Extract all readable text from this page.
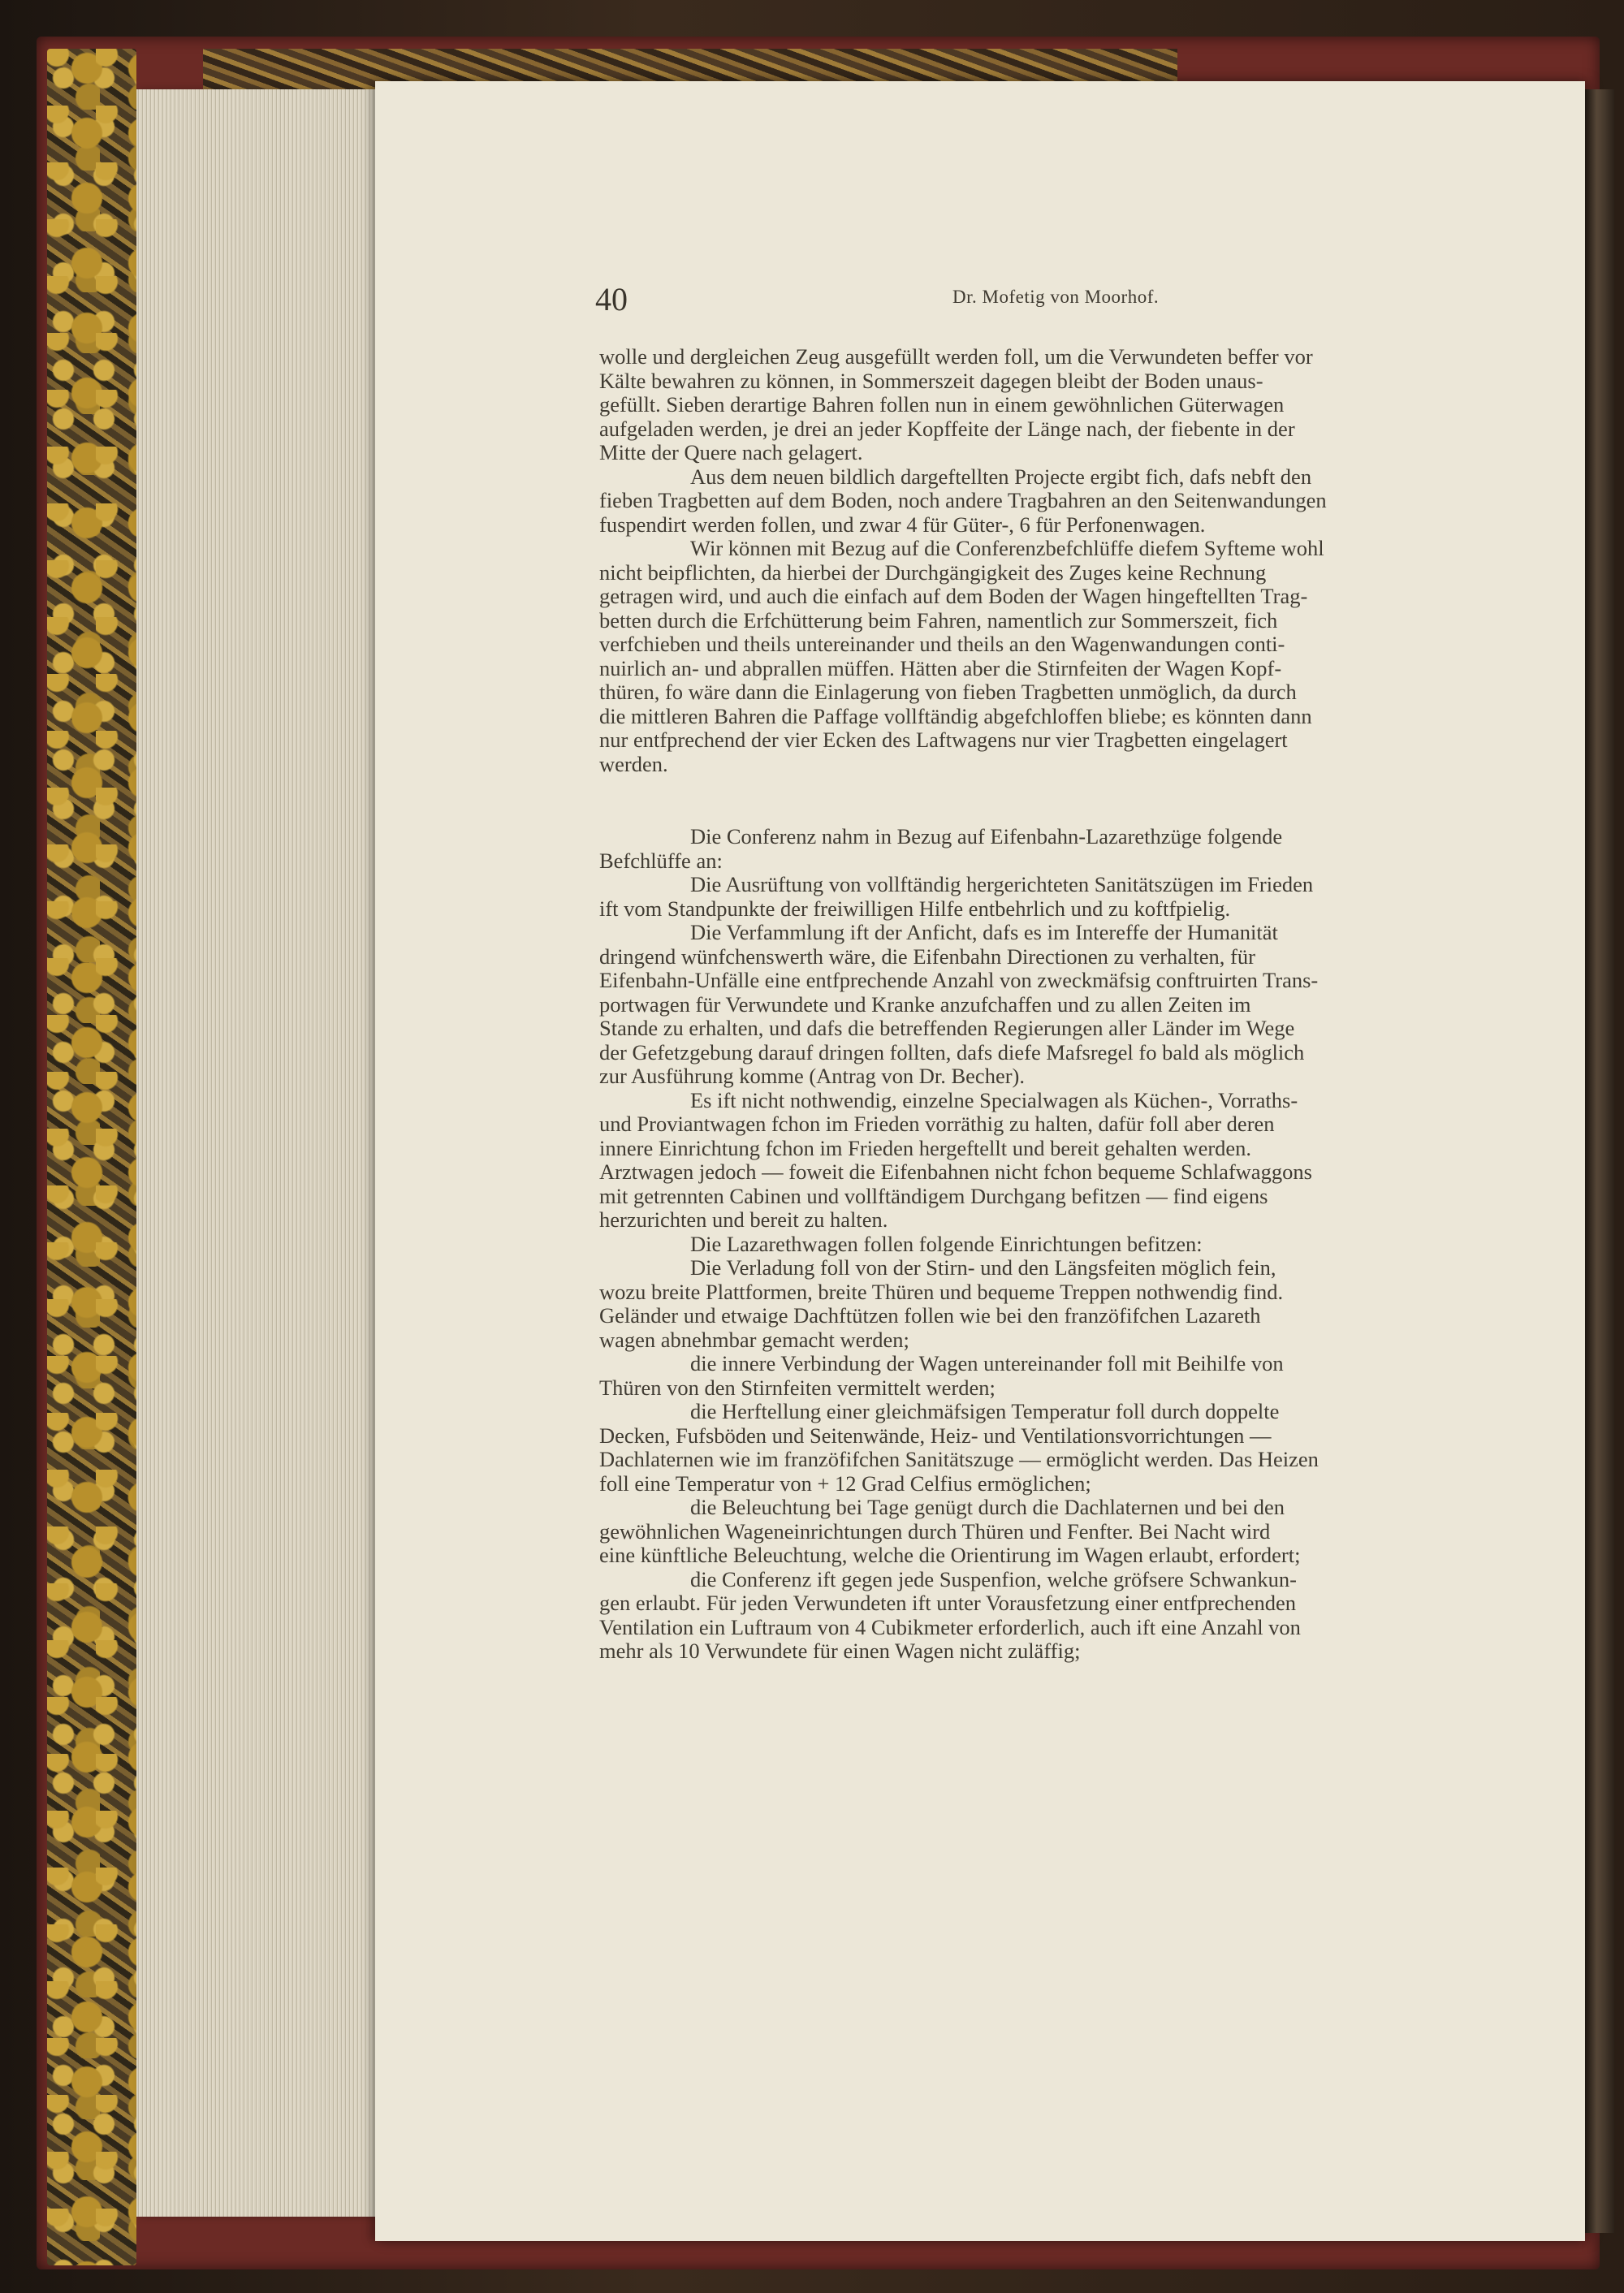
40	Dr. Mofetig von Moorhof.
wolle und dergleichen Zeug ausgefüllt werden foll, um die Verwundeten beffer vor
Kälte bewahren zu können, in Sommerszeit dagegen bleibt der Boden unaus-
gefüllt. Sieben derartige Bahren follen nun in einem gewöhnlichen Güterwagen
aufgeladen werden, je drei an jeder Kopffeite der Länge nach, der fiebente in der
Mitte der Quere nach gelagert.
Aus dem neuen bildlich dargeftellten Projecte ergibt fich, dafs nebft den
fieben Tragbetten auf dem Boden, noch andere Tragbahren an den Seitenwandungen
fuspendirt werden follen, und zwar 4 für Güter-, 6 für Perfonenwagen.
Wir können mit Bezug auf die Conferenzbefchlüffe diefem Syfteme wohl
nicht beipflichten, da hierbei der Durchgängigkeit des Zuges keine Rechnung
getragen wird, und auch die einfach auf dem Boden der Wagen hingeftellten Trag-
betten durch die Erfchütterung beim Fahren, namentlich zur Sommerszeit, fich
verfchieben und theils untereinander und theils an den Wagenwandungen conti-
nuirlich an- und abprallen müffen. Hätten aber die Stirnfeiten der Wagen Kopf-
thüren, fo wäre dann die Einlagerung von fieben Tragbetten unmöglich, da durch
die mittleren Bahren die Paffage vollftändig abgefchloffen bliebe; es könnten dann
nur entfprechend der vier Ecken des Laftwagens nur vier Tragbetten eingelagert
werden.
Die Conferenz nahm in Bezug auf Eifenbahn-Lazarethzüge folgende
Befchlüffe an:
Die Ausrüftung von vollftändig hergerichteten Sanitätszügen im Frieden
ift vom Standpunkte der freiwilligen Hilfe entbehrlich und zu koftfpielig.
Die Verfammlung ift der Anficht, dafs es im Intereffe der Humanität
dringend wünfchenswerth wäre, die Eifenbahn Directionen zu verhalten, für
Eifenbahn-Unfälle eine entfprechende Anzahl von zweckmäfsig conftruirten Trans-
portwagen für Verwundete und Kranke anzufchaffen und zu allen Zeiten im
Stande zu erhalten, und dafs die betreffenden Regierungen aller Länder im Wege
der Gefetzgebung darauf dringen follten, dafs diefe Mafsregel fo bald als möglich
zur Ausführung komme (Antrag von Dr. Becher).
Es ift nicht nothwendig, einzelne Specialwagen als Küchen-, Vorraths-
und Proviantwagen fchon im Frieden vorräthig zu halten, dafür foll aber deren
innere Einrichtung fchon im Frieden hergeftellt und bereit gehalten werden.
Arztwagen jedoch — foweit die Eifenbahnen nicht fchon bequeme Schlafwaggons
mit getrennten Cabinen und vollftändigem Durchgang befitzen — find eigens
herzurichten und bereit zu halten.
Die Lazarethwagen follen folgende Einrichtungen befitzen:
Die Verladung foll von der Stirn- und den Längsfeiten möglich fein,
wozu breite Plattformen, breite Thüren und bequeme Treppen nothwendig find.
Geländer und etwaige Dachftützen follen wie bei den franzöfifchen Lazareth
wagen abnehmbar gemacht werden;
die innere Verbindung der Wagen untereinander foll mit Beihilfe von
Thüren von den Stirnfeiten vermittelt werden;
die Herftellung einer gleichmäfsigen Temperatur foll durch doppelte
Decken, Fufsböden und Seitenwände, Heiz- und Ventilationsvorrichtungen —
Dachlaternen wie im franzöfifchen Sanitätszuge — ermöglicht werden. Das Heizen
foll eine Temperatur von + 12 Grad Celfius ermöglichen;
die Beleuchtung bei Tage genügt durch die Dachlaternen und bei den
gewöhnlichen Wageneinrichtungen durch Thüren und Fenfter. Bei Nacht wird
eine künftliche Beleuchtung, welche die Orientirung im Wagen erlaubt, erfordert;
die Conferenz ift gegen jede Suspenfion, welche gröfsere Schwankun-
gen erlaubt. Für jeden Verwundeten ift unter Vorausfetzung einer entfprechenden
Ventilation ein Luftraum von 4 Cubikmeter erforderlich, auch ift eine Anzahl von
mehr als 10 Verwundete für einen Wagen nicht zuläffig;
